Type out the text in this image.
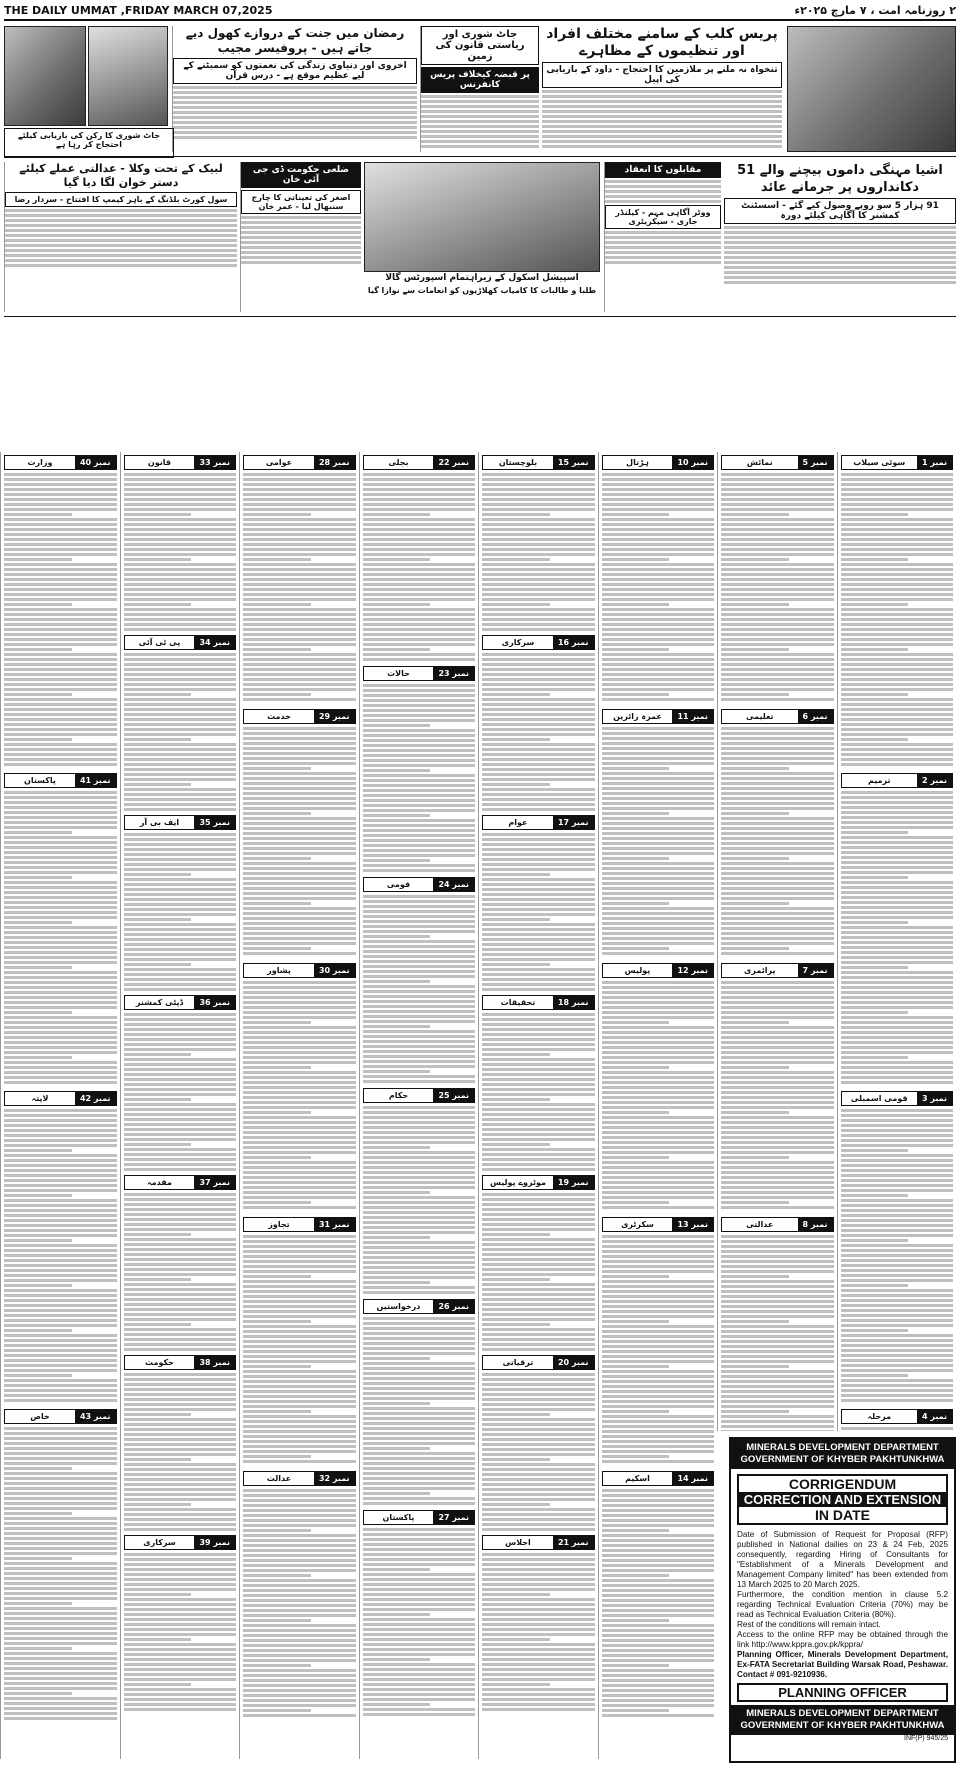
THE DAILY UMMAT ,FRIDAY MARCH 07,2025	۲ روزنامہ امت ، ۷ مارچ ۲۰۲۵ء
پریس کلب کے سامنے مختلف افراد اور تنظیموں کے مظاہرے
تنخواہ نہ ملنے پر ملازمین کا احتجاج - داود کے بازیابی کی اپیل
جاٹ شوری اور ریاستی قانون کی زمین
پر قبضہ کیخلاف پریس کانفرنس
رمضان میں جنت کے دروازے کھول دیے جاتے ہیں - پروفیسر مجیب
اخروی اور دنیاوی زندگی کی نعمتوں کو سمیٹنے کے لیے عظیم موقع ہے - درس قرآن
جاٹ شوری کا رکن کی بازیابی کیلئے احتجاج کر رہا ہے
اشیا مہنگی داموں بیچنے والے 51 دکانداروں پر جرمانے عائد
91 ہزار 5 سو روپے وصول کیے گئے - اسسٹنٹ کمشنر کا آگاہی کیلئے دورہ
مقابلوں کا انعقاد
ووٹر آگاہی مہم - کیلنڈر جاری - سیکریٹری
اسپیشل اسکول کے زیراہتمام اسپورٹس گالا
طلبا و طالبات کا کامیاب کھلاڑیوں کو انعامات سے نوازا گیا
ضلعی حکومت ڈی جی آئی خان
اصغر کی تعیناتی کا چارج سنبھال لیا - عمر خان
لبیک کے تحت وکلا - عدالتی عملے کیلئے دستر خوان لگا دیا گیا
سول کورٹ بلڈنگ کے باہر کیمپ کا افتتاح - سردار رضا
نمبر 1
سوئی سیلاب
نمبر 2
ترمیم
نمبر 3
قومی اسمبلی
نمبر 4
مرحلہ
نمبر 5
نمائش
نمبر 6
تعلیمی
نمبر 7
پرائمری
نمبر 8
عدالتی
نمبر 10
ہڑتال
نمبر 11
عمرہ زائرین
نمبر 12
پولیس
نمبر 13
سکرٹری
نمبر 14
اسکیم
نمبر 15
بلوچستان
نمبر 16
سرکاری
نمبر 17
عوام
نمبر 18
تحقیقات
نمبر 19
موٹروے پولیس
نمبر 20
ترقیاتی
نمبر 21
اجلاس
نمبر 22
بجلی
نمبر 23
حالات
نمبر 24
قومی
نمبر 25
حکام
نمبر 26
درخواستیں
نمبر 27
پاکستان
نمبر 28
عوامی
نمبر 29
خدمت
نمبر 30
پشاور
نمبر 31
تجاوز
نمبر 32
عدالت
نمبر 33
قانون
نمبر 34
پی ٹی آئی
نمبر 35
ایف بی آر
نمبر 36
ڈپٹی کمشنر
نمبر 37
مقدمہ
نمبر 38
حکومت
نمبر 39
سرکاری
نمبر 40
وزارت
نمبر 41
پاکستان
نمبر 42
لاپتہ
نمبر 43
خاص
MINERALS DEVELOPMENT DEPARTMENT
GOVERNMENT OF KHYBER PAKHTUNKHWA
CORRIGENDUM
CORRECTION AND EXTENSION
IN DATE
Date of Submission of Request for Proposal (RFP) published in National dailies on 23 & 24 Feb, 2025 consequently, regarding Hiring of Consultants for "Establishment of a Minerals Development and Management Company limited" has been extended from 13 March 2025 to 20 March 2025.
Furthermore, the condition mention in clause 5.2 regarding Technical Evaluation Criteria (70%) may be read as Technical Evaluation Criteria (80%).
Rest of the conditions will remain intact.
Access to the online RFP may be obtained through the link http://www.kppra.gov.pk/kppra/
Planning Officer, Minerals Development Department, Ex-FATA Secretariat Building Warsak Road, Peshawar. Contact # 091-9210936.
PLANNING OFFICER
MINERALS DEVELOPMENT DEPARTMENT
GOVERNMENT OF KHYBER PAKHTUNKHWA
INF(P) 945/25
